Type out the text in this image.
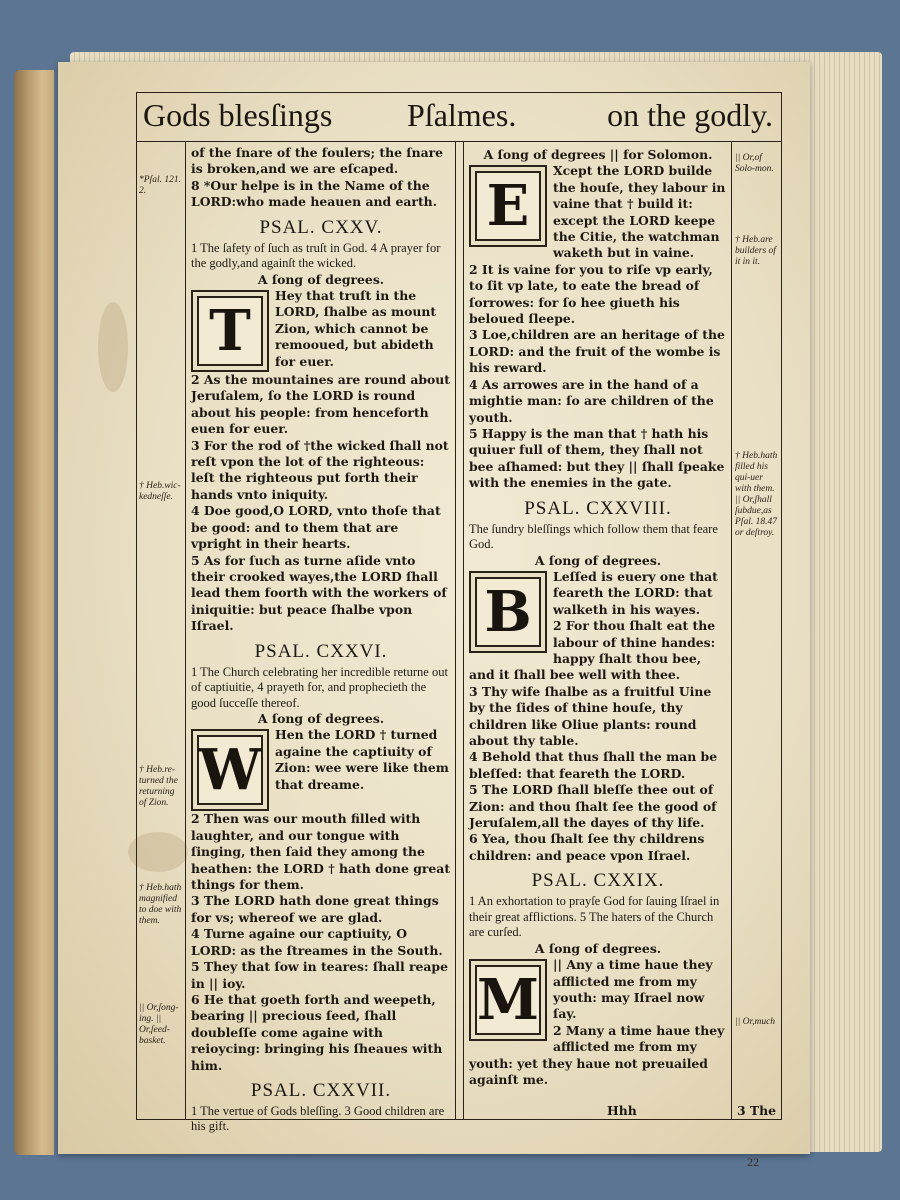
Gods blesſings Pſalmes.	on the godly.
*Pſal. 121. 2.
† Heb.wic-kedneſſe.
† Heb.re-turned the returning of Zion.
† Heb.hath magnified to doe with them.
|| Or,ſong-ing. || Or,ſeed-basket.
|| Or,of Solo-mon.
† Heb.are builders of it in it.
† Heb.hath filled his qui-uer with them. || Or,ſhall ſubdue,as Pſal. 18.47 or deſtroy.
|| Or,much

of the ſnare of the foulers; the ſnare is broken,and we are eſcaped.

8 *Our helpe is in the Name of the LORD:who made heauen and earth.

PSAL. CXXV.

1 The ſafety of ſuch as truſt in God. 4 A prayer for the godly,and againſt the wicked.

A ſong of degrees.

T

Hey that truſt in the LORD, ſhalbe as mount Zion, which cannot be remooued, but abideth for euer.

2 As the mountaines are round about Jeruſalem, ſo the LORD is round about his people: from henceforth euen for euer.

3 For the rod of †the wicked ſhall not reſt vpon the lot of the righteous: leſt the righteous put forth their hands vnto iniquity.

4 Doe good,O LORD, vnto thoſe that be good: and to them that are vpright in their hearts.

5 As for ſuch as turne aſide vnto their crooked wayes,the LORD ſhall lead them foorth with the workers of iniquitie: but peace ſhalbe vpon Iſrael.

PSAL. CXXVI.

1 The Church celebrating her incredible returne out of captiuitie, 4 prayeth for, and prophecieth the good ſucceſſe thereof.

A ſong of degrees.

W

Hen the LORD † turned againe the captiuity of Zion: wee were like them that dreame.

2 Then was our mouth filled with laughter, and our tongue with ſinging, then ſaid they among the heathen: the LORD † hath done great things for them.

3 The LORD hath done great things for vs; whereof we are glad.

4 Turne againe our captiuity, O LORD: as the ſtreames in the South.

5 They that ſow in teares: ſhall reape in || ioy.

6 He that goeth forth and weepeth, bearing || precious ſeed, ſhall doubleſſe come againe with reioycing: bringing his ſheaues with him.

PSAL. CXXVII.

1 The vertue of Gods bleſſing. 3 Good children are his gift.

A ſong of degrees || for Solomon.

E

Xcept the LORD builde the houſe, they labour in vaine that † build it: except the LORD keepe the Citie, the watchman waketh but in vaine.

2 It is vaine for you to riſe vp early, to ſit vp late, to eate the bread of ſorrowes: for ſo hee giueth his beloued ſleepe.

3 Loe,children are an heritage of the LORD: and the fruit of the wombe is his reward.

4 As arrowes are in the hand of a mightie man: ſo are children of the youth.

5 Happy is the man that † hath his quiuer full of them, they ſhall not bee aſhamed: but they || ſhall ſpeake with the enemies in the gate.

PSAL. CXXVIII.

The ſundry bleſſings which follow them that feare God.

A ſong of degrees.

B

Leſſed is euery one that feareth the LORD: that walketh in his wayes.

2 For thou ſhalt eat the labour of thine handes: happy ſhalt thou bee, and it ſhall bee well with thee.

3 Thy wife ſhalbe as a fruitful Uine by the ſides of thine houſe, thy children like Oliue plants: round about thy table.

4 Behold that thus ſhall the man be bleſſed: that feareth the LORD.

5 The LORD ſhall bleſſe thee out of Zion: and thou ſhalt ſee the good of Jeruſalem,all the dayes of thy life.

6 Yea, thou ſhalt ſee thy childrens children: and peace vpon Iſrael.

PSAL. CXXIX.

1 An exhortation to prayſe God for ſauing Iſrael in their great afflictions. 5 The haters of the Church are curſed.

A ſong of degrees.

M

|| Any a time haue they afflicted me from my youth: may Iſrael now ſay.

2 Many a time haue they afflicted me from my youth: yet they haue not preuailed againſt me.

Hhh	3 The
22
